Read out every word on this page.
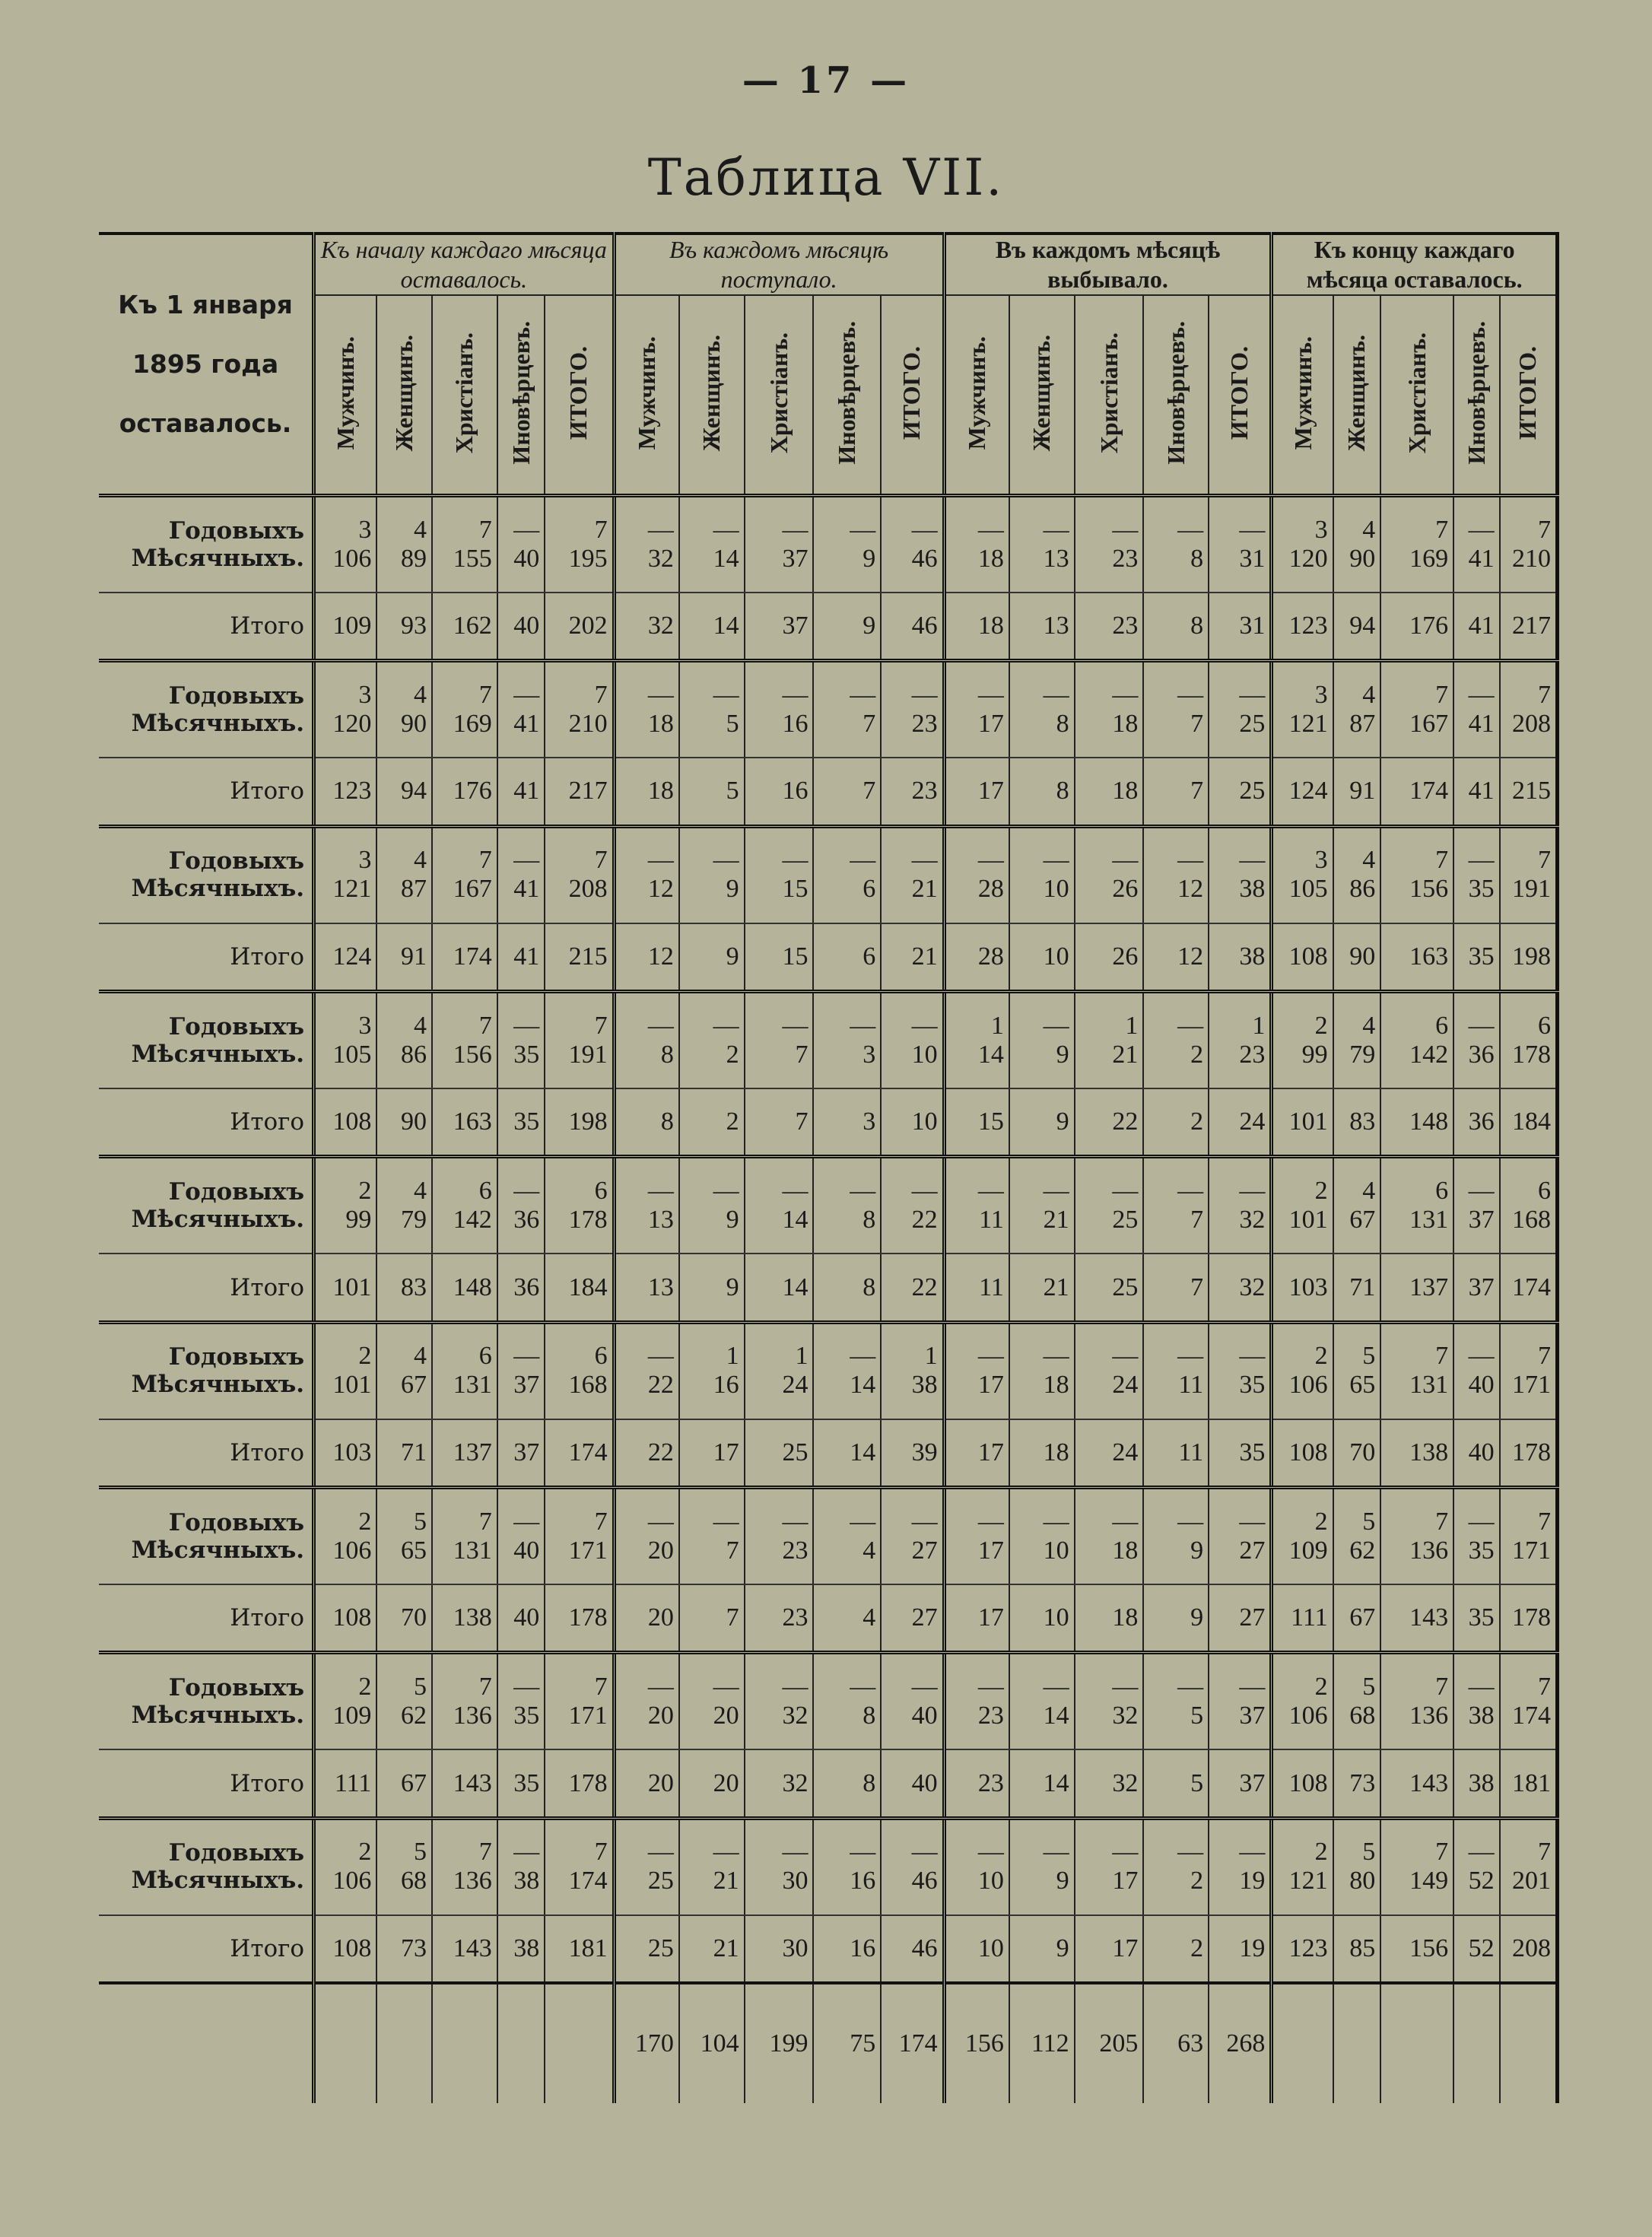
— 17 —
Таблица VII.
Къ 1 января
1895 года
оставалось.	Къ началу каждаго мѣсяца оставалось.					Въ каждомъ мѣсяцѣ поступало.					Въ каждомъ мѣсяцѣ выбывало.					Къ концу каждаго мѣсяца оставалось.				
	Мужчинъ.	Женщинъ.	Христіанъ.	Иновѣрцевъ.	ИТОГО.	Мужчинъ.	Женщинъ.	Христіанъ.	Иновѣрцевъ.	ИТОГО.	Мужчинъ.	Женщинъ.	Христіанъ.	Иновѣрцевъ.	ИТОГО.	Мужчинъ.	Женщинъ.	Христіанъ.	Иновѣрцевъ.	ИТОГО.
Годовыхъ	3	4	7	—	7	—	—	—	—	—	—	—	—	—	—	3	4	7	—	7
Мѣсячныхъ.	106	89	155	40	195	32	14	37	9	46	18	13	23	8	31	120	90	169	41	210
Итого	109	93	162	40	202	32	14	37	9	46	18	13	23	8	31	123	94	176	41	217
Годовыхъ	3	4	7	—	7	—	—	—	—	—	—	—	—	—	—	3	4	7	—	7
Мѣсячныхъ.	120	90	169	41	210	18	5	16	7	23	17	8	18	7	25	121	87	167	41	208
Итого	123	94	176	41	217	18	5	16	7	23	17	8	18	7	25	124	91	174	41	215
Годовыхъ	3	4	7	—	7	—	—	—	—	—	—	—	—	—	—	3	4	7	—	7
Мѣсячныхъ.	121	87	167	41	208	12	9	15	6	21	28	10	26	12	38	105	86	156	35	191
Итого	124	91	174	41	215	12	9	15	6	21	28	10	26	12	38	108	90	163	35	198
Годовыхъ	3	4	7	—	7	—	—	—	—	—	1	—	1	—	1	2	4	6	—	6
Мѣсячныхъ.	105	86	156	35	191	8	2	7	3	10	14	9	21	2	23	99	79	142	36	178
Итого	108	90	163	35	198	8	2	7	3	10	15	9	22	2	24	101	83	148	36	184
Годовыхъ	2	4	6	—	6	—	—	—	—	—	—	—	—	—	—	2	4	6	—	6
Мѣсячныхъ.	99	79	142	36	178	13	9	14	8	22	11	21	25	7	32	101	67	131	37	168
Итого	101	83	148	36	184	13	9	14	8	22	11	21	25	7	32	103	71	137	37	174
Годовыхъ	2	4	6	—	6	—	1	1	—	1	—	—	—	—	—	2	5	7	—	7
Мѣсячныхъ.	101	67	131	37	168	22	16	24	14	38	17	18	24	11	35	106	65	131	40	171
Итого	103	71	137	37	174	22	17	25	14	39	17	18	24	11	35	108	70	138	40	178
Годовыхъ	2	5	7	—	7	—	—	—	—	—	—	—	—	—	—	2	5	7	—	7
Мѣсячныхъ.	106	65	131	40	171	20	7	23	4	27	17	10	18	9	27	109	62	136	35	171
Итого	108	70	138	40	178	20	7	23	4	27	17	10	18	9	27	111	67	143	35	178
Годовыхъ	2	5	7	—	7	—	—	—	—	—	—	—	—	—	—	2	5	7	—	7
Мѣсячныхъ.	109	62	136	35	171	20	20	32	8	40	23	14	32	5	37	106	68	136	38	174
Итого	111	67	143	35	178	20	20	32	8	40	23	14	32	5	37	108	73	143	38	181
Годовыхъ	2	5	7	—	7	—	—	—	—	—	—	—	—	—	—	2	5	7	—	7
Мѣсячныхъ.	106	68	136	38	174	25	21	30	16	46	10	9	17	2	19	121	80	149	52	201
Итого	108	73	143	38	181	25	21	30	16	46	10	9	17	2	19	123	85	156	52	208
						170	104	199	75	174	156	112	205	63	268					
